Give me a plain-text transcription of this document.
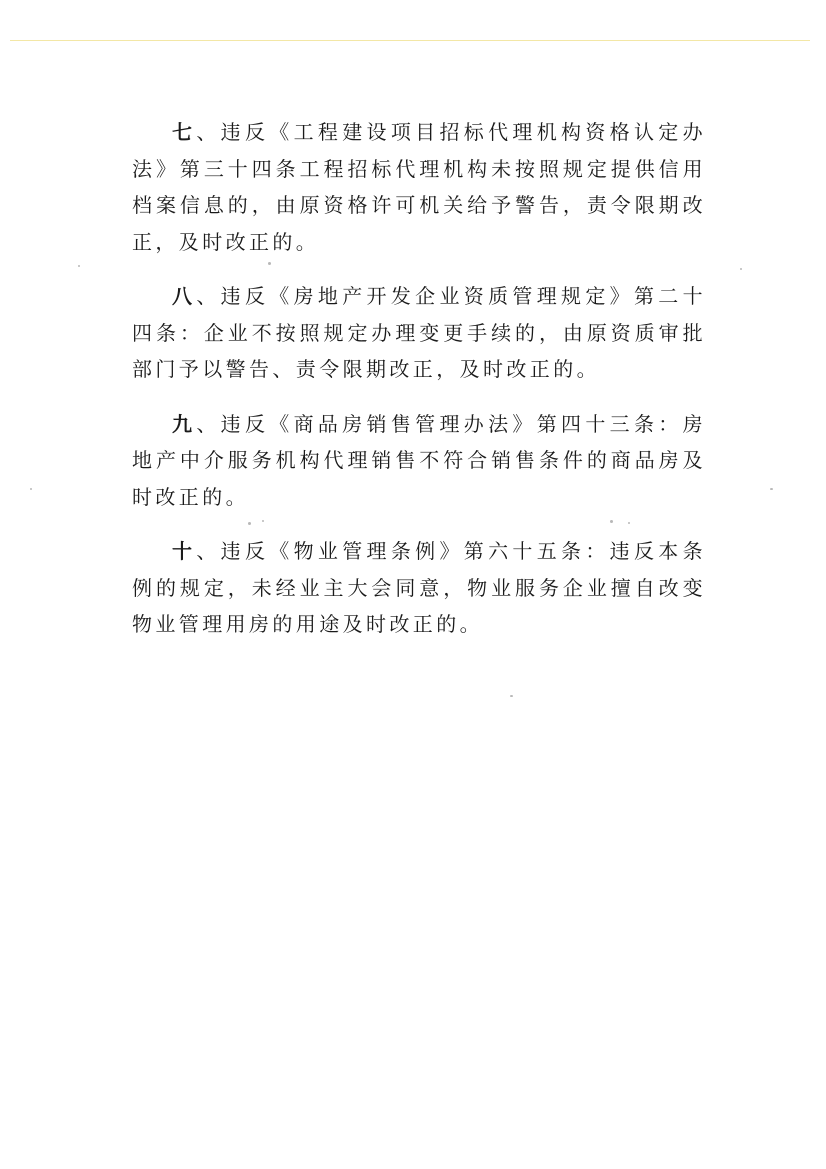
七、违反《工程建设项目招标代理机构资格认定办法》第三十四条工程招标代理机构未按照规定提供信用档案信息的，由原资格许可机关给予警告，责令限期改正，及时改正的。

八、违反《房地产开发企业资质管理规定》第二十四条：企业不按照规定办理变更手续的，由原资质审批部门予以警告、责令限期改正，及时改正的。

九、违反《商品房销售管理办法》第四十三条：房地产中介服务机构代理销售不符合销售条件的商品房及时改正的。

十、违反《物业管理条例》第六十五条：违反本条例的规定，未经业主大会同意，物业服务企业擅自改变物业管理用房的用途及时改正的。
